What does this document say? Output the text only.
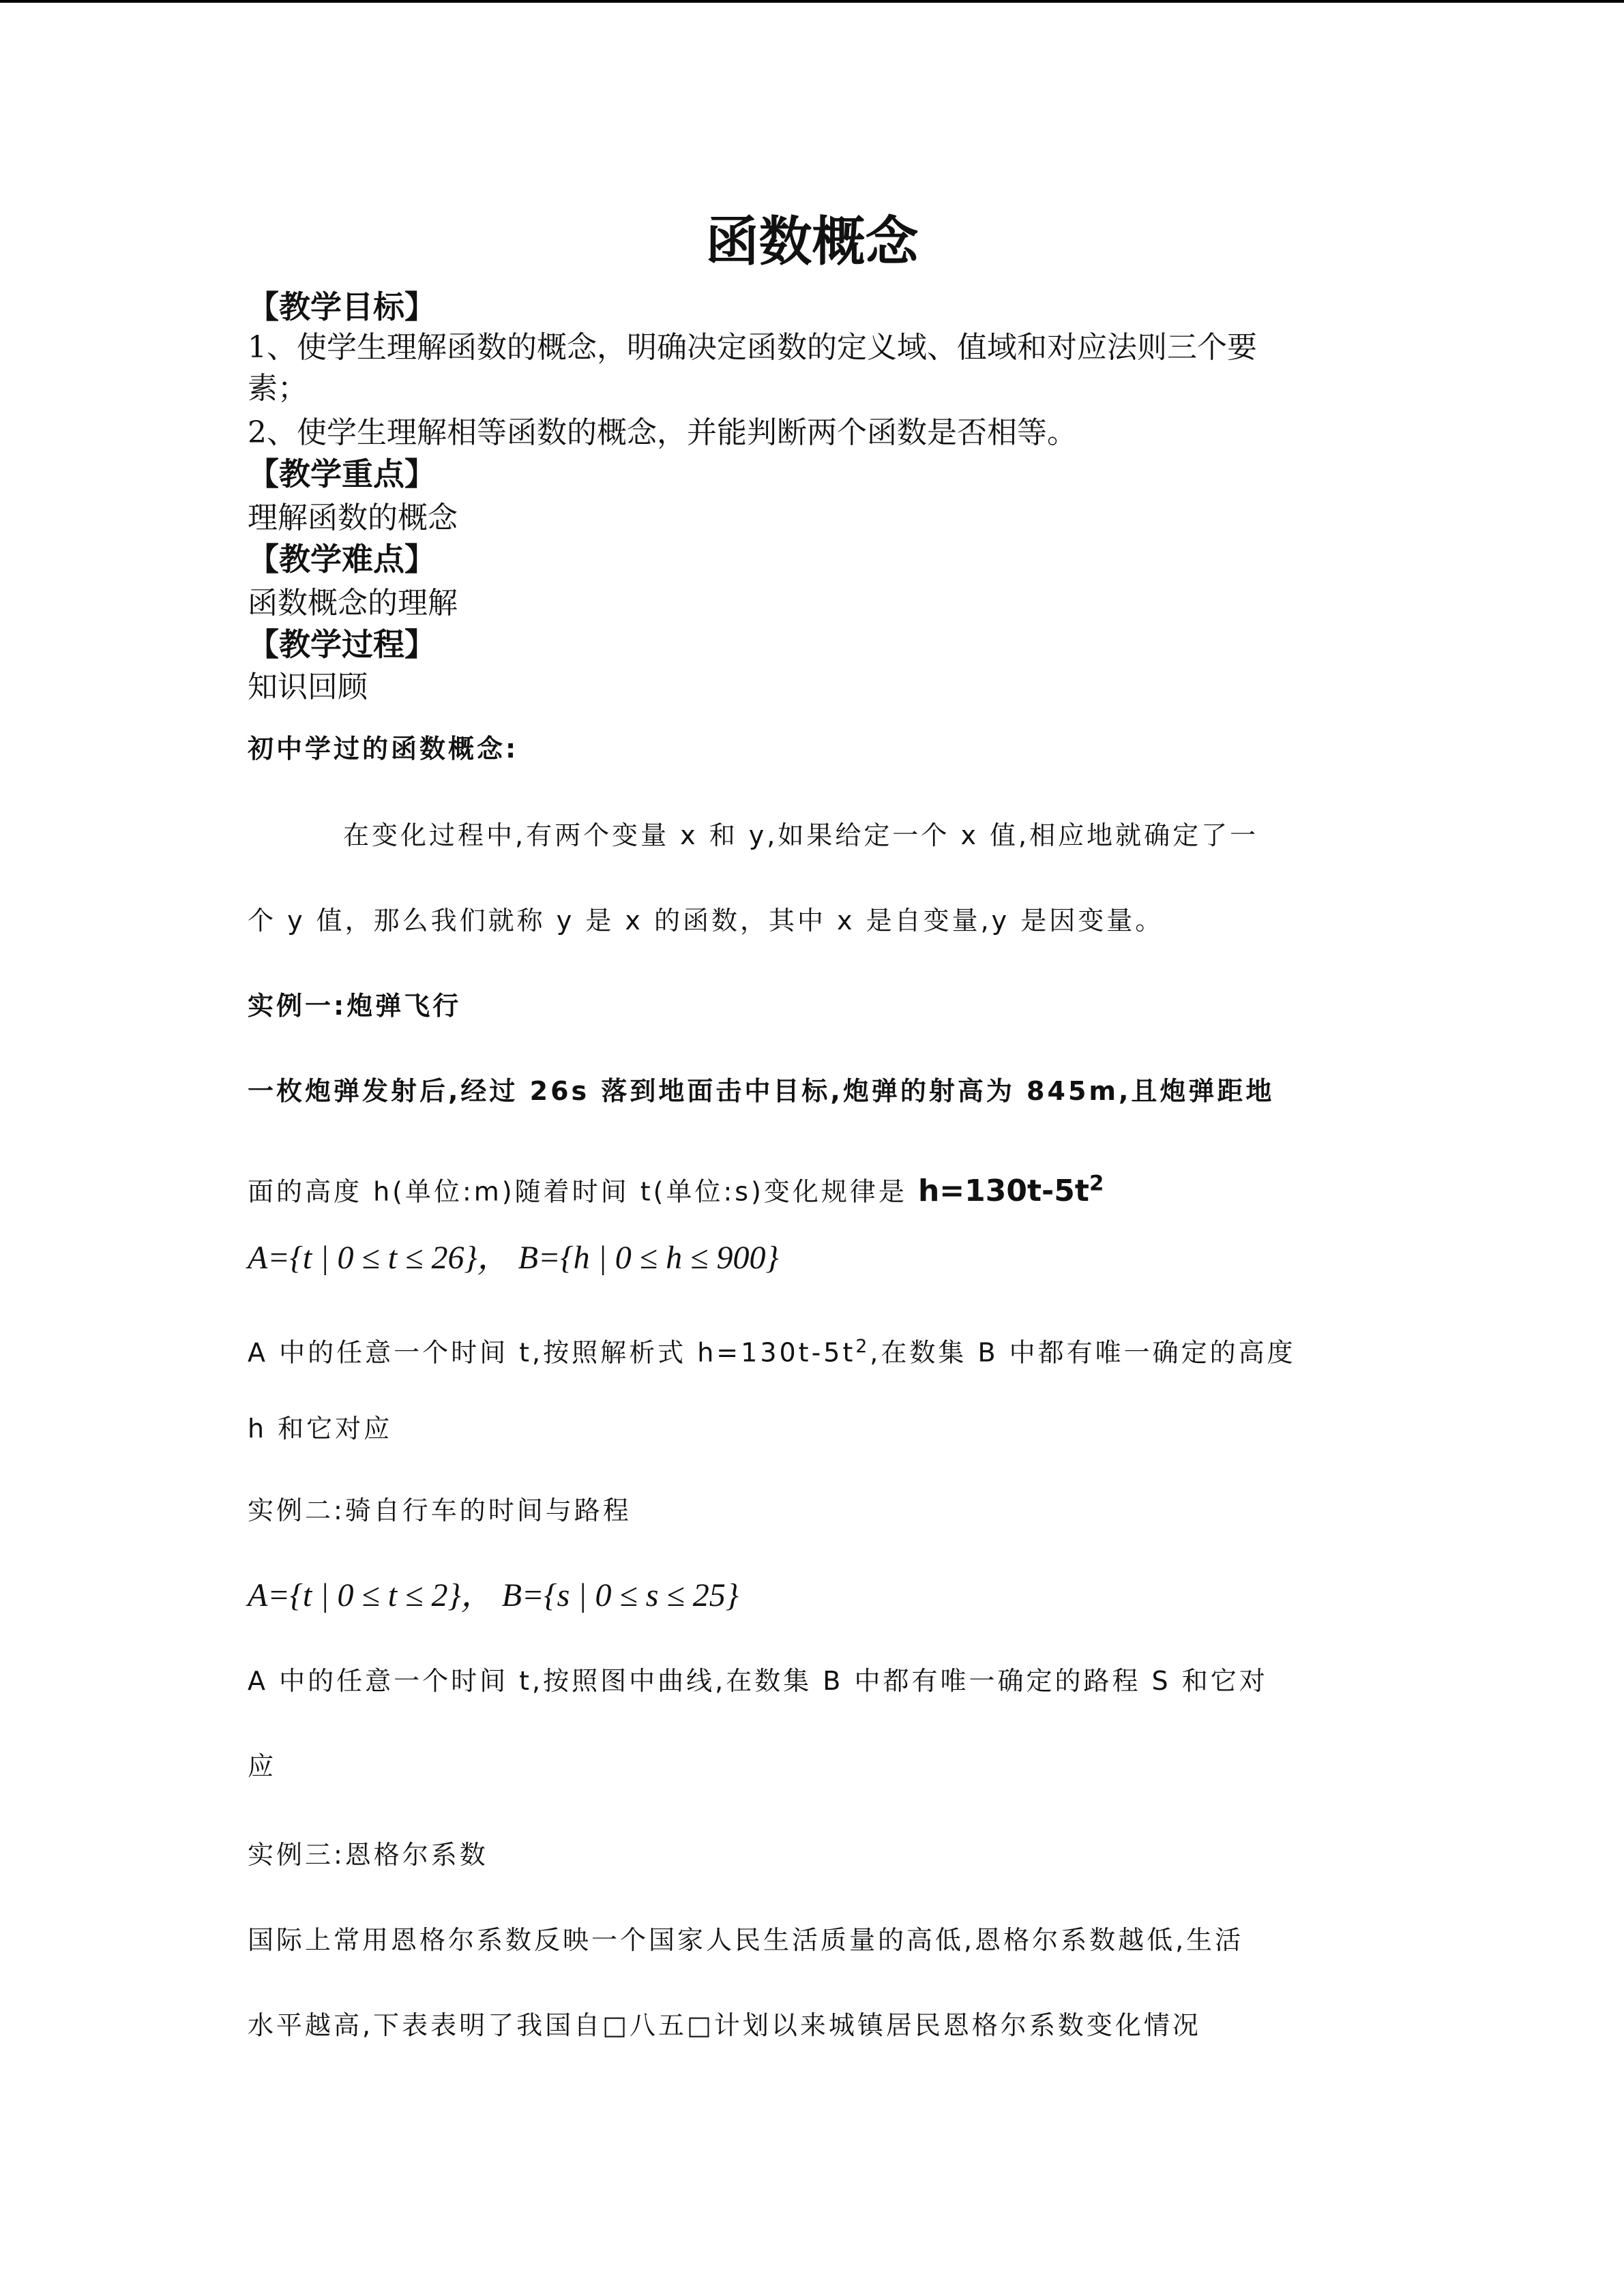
函数概念
【教学目标】
1、使学生理解函数的概念，明确决定函数的定义域、值域和对应法则三个要
素；
2、使学生理解相等函数的概念，并能判断两个函数是否相等。
【教学重点】
理解函数的概念
【教学难点】
函数概念的理解
【教学过程】
知识回顾
初中学过的函数概念:
在变化过程中,有两个变量 x 和 y,如果给定一个 x 值,相应地就确定了一
个 y 值，那么我们就称 y 是 x 的函数，其中 x 是自变量,y 是因变量。
实例一:炮弹飞行
一枚炮弹发射后,经过 26s 落到地面击中目标,炮弹的射高为 845m,且炮弹距地
面的高度 h(单位:m)随着时间 t(单位:s)变化规律是 $h=130t-5t^2$
A={t | 0 ≤ t ≤ 26}， B={h | 0 ≤ h ≤ 900}
A 中的任意一个时间 t,按照解析式 $h=130t-5t^2$,在数集 B 中都有唯一确定的高度
h 和它对应
实例二:骑自行车的时间与路程
A={t | 0 ≤ t ≤ 2}， B={s | 0 ≤ s ≤ 25}
A 中的任意一个时间 t,按照图中曲线,在数集 B 中都有唯一确定的路程 S 和它对
应
实例三:恩格尔系数
国际上常用恩格尔系数反映一个国家人民生活质量的高低,恩格尔系数越低,生活
水平越高,下表表明了我国自□八五□计划以来城镇居民恩格尔系数变化情况
